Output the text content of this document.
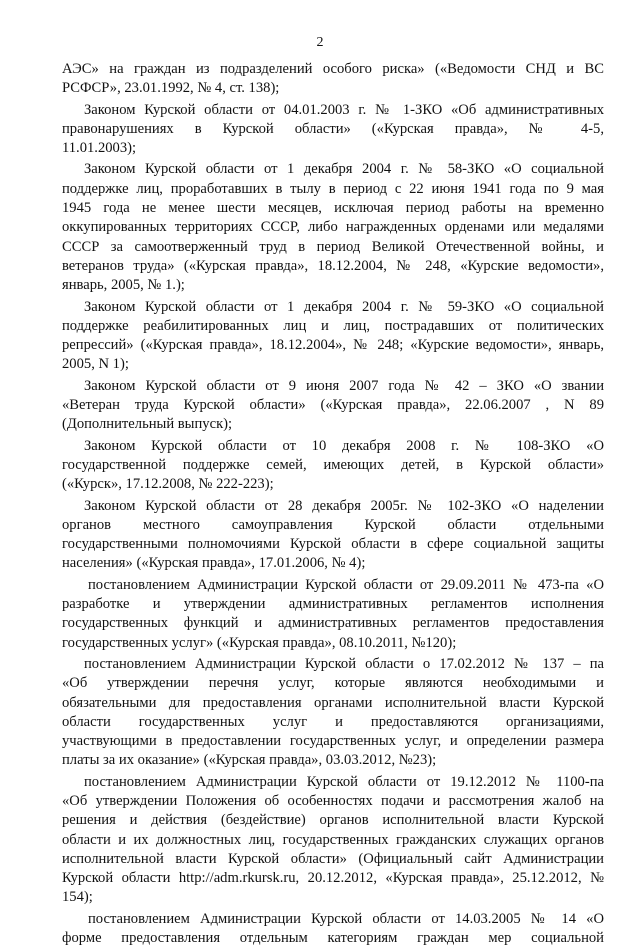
2
АЭС» на граждан из подразделений особого риска» («Ведомости СНД и ВС
РСФСР», 23.01.1992, № 4, ст. 138);
Законом Курской области от 04.01.2003 г. № 1-ЗКО «Об административных
правонарушениях в Курской области» («Курская правда», № 4-5,
11.01.2003);
Законом Курской области от 1 декабря 2004 г. № 58-ЗКО «О социальной
поддержке лиц, проработавших в тылу в период с 22 июня 1941 года по 9 мая
1945 года не менее шести месяцев, исключая период работы на временно
оккупированных территориях СССР, либо награжденных орденами или медалями
СССР за самоотверженный труд в период Великой Отечественной войны, и
ветеранов труда» («Курская правда», 18.12.2004, № 248, «Курские ведомости»,
январь, 2005, № 1.);
Законом Курской области от 1 декабря 2004 г. № 59-ЗКО «О социальной
поддержке реабилитированных лиц и лиц, пострадавших от политических
репрессий» («Курская правда», 18.12.2004», № 248; «Курские ведомости», январь,
2005, N 1);
Законом Курской области от 9 июня 2007 года № 42 – ЗКО «О звании
«Ветеран труда Курской области» («Курская правда», 22.06.2007 , N 89
(Дополнительный выпуск);
Законом Курской области от 10 декабря 2008 г. № 108-ЗКО «О
государственной поддержке семей, имеющих детей, в Курской области»
(«Курск», 17.12.2008, № 222-223);
Законом Курской области от 28 декабря 2005г. № 102-ЗКО «О наделении
органов местного самоуправления Курской области отдельными
государственными полномочиями Курской области в сфере социальной защиты
населения» («Курская правда», 17.01.2006, № 4);
постановлением Администрации Курской области от 29.09.2011 № 473-па «О
разработке и утверждении административных регламентов исполнения
государственных функций и административных регламентов предоставления
государственных услуг» («Курская правда», 08.10.2011, №120);
постановлением Администрации Курской области о 17.02.2012 № 137 – па
«Об утверждении перечня услуг, которые являются необходимыми и
обязательными для предоставления органами исполнительной власти Курской
области государственных услуг и предоставляются организациями,
участвующими в предоставлении государственных услуг, и определении размера
платы за их оказание» («Курская правда», 03.03.2012, №23);
постановлением Администрации Курской области от 19.12.2012 № 1100-па
«Об утверждении Положения об особенностях подачи и рассмотрения жалоб на
решения и действия (бездействие) органов исполнительной власти Курской
области и их должностных лиц, государственных гражданских служащих органов
исполнительной власти Курской области» (Официальный сайт Администрации
Курской области http://adm.rkursk.ru, 20.12.2012, «Курская правда», 25.12.2012, №
154);
постановлением Администрации Курской области от 14.03.2005 № 14 «О
форме предоставления отдельным категориям граждан мер социальной
